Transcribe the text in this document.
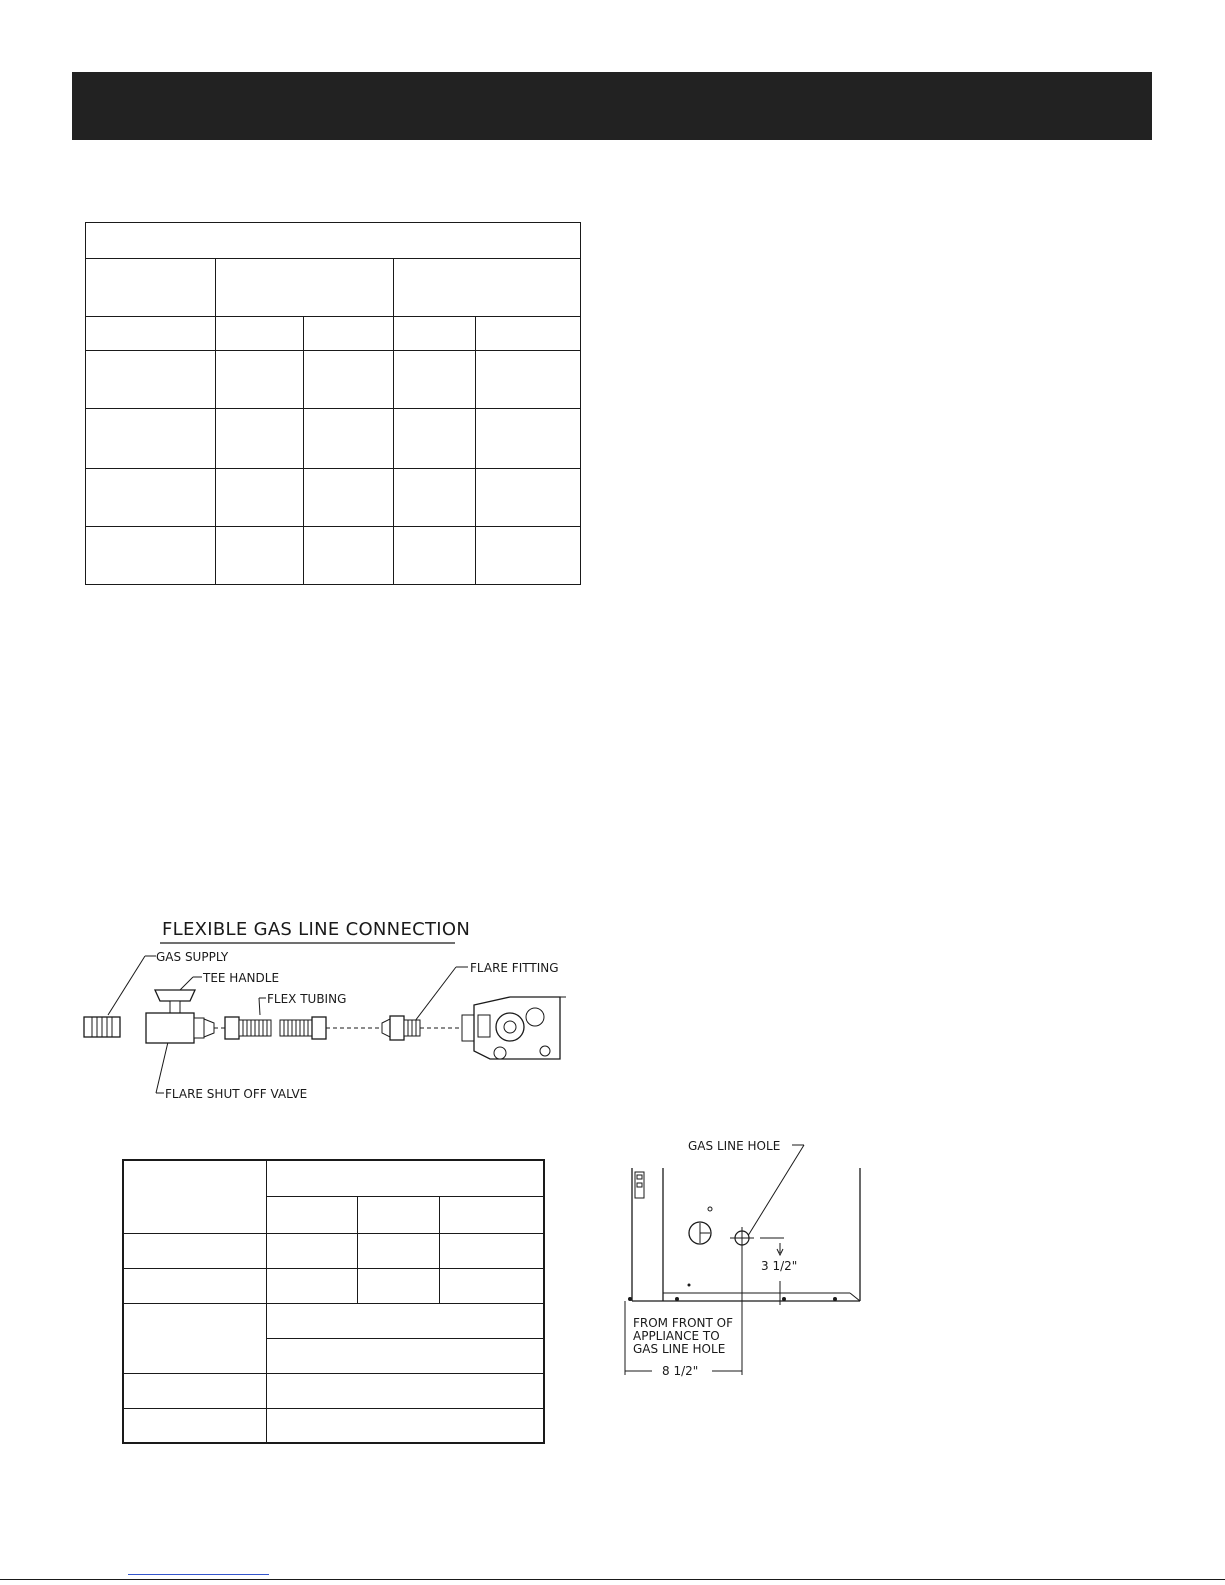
FLEXIBLE GAS LINE CONNECTION
GAS SUPPLY
TEE HANDLE
FLEX TUBING
FLARE FITTING
FLARE SHUT OFF VALVE

GAS LINE HOLE
3 1/2"
FROM FRONT OF
APPLIANCE TO
GAS LINE HOLE
8 1/2"
